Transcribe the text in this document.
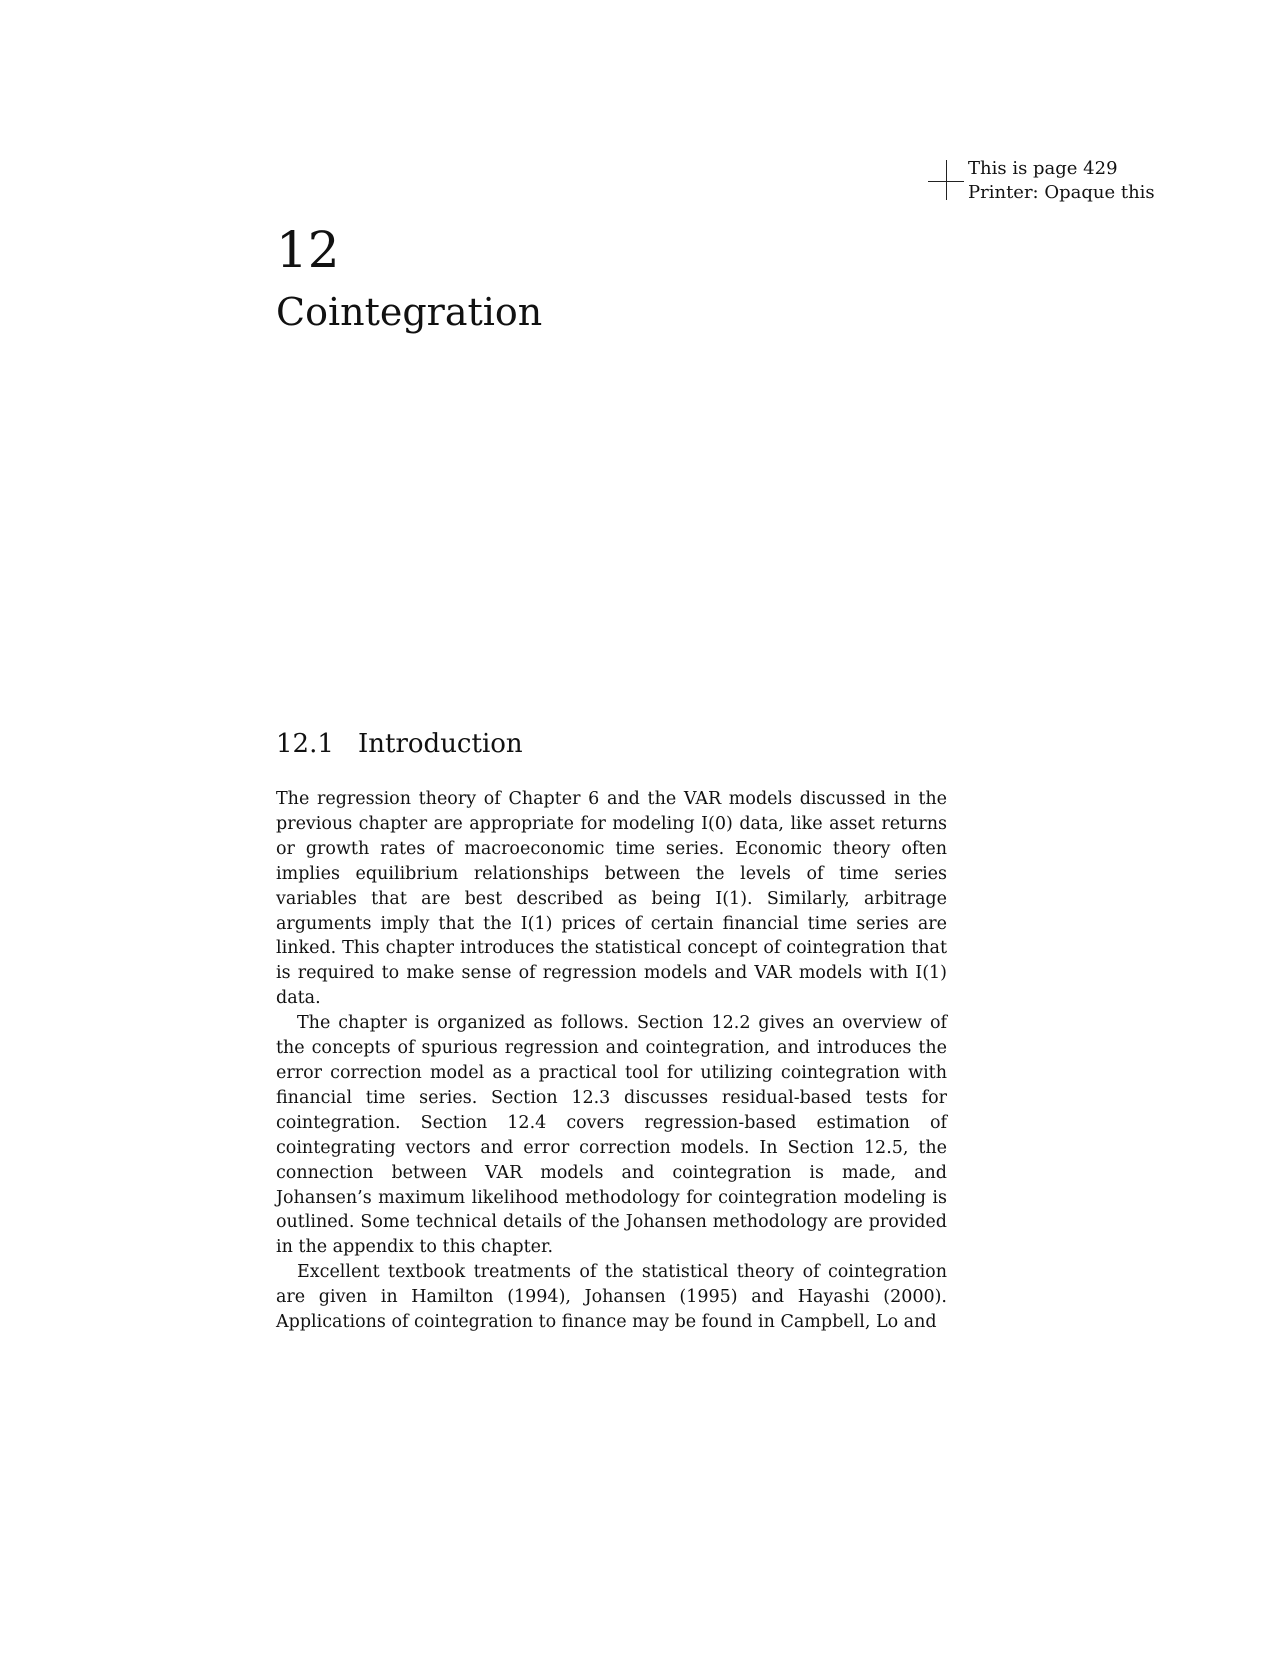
This is page 429
Printer: Opaque this
12
Cointegration
12.1 Introduction

The regression theory of Chapter 6 and the VAR models discussed in the previous chapter are appropriate for modeling I(0) data, like asset returns or growth rates of macroeconomic time series. Economic theory often implies equilibrium relationships between the levels of time series variables that are best described as being I(1). Similarly, arbitrage arguments imply that the I(1) prices of certain financial time series are linked. This chapter introduces the statistical concept of cointegration that is required to make sense of regression models and VAR models with I(1) data.

The chapter is organized as follows. Section 12.2 gives an overview of the concepts of spurious regression and cointegration, and introduces the error correction model as a practical tool for utilizing cointegration with financial time series. Section 12.3 discusses residual-based tests for cointegration. Section 12.4 covers regression-based estimation of cointegrating vectors and error correction models. In Section 12.5, the connection between VAR models and cointegration is made, and Johansen’s maximum likelihood methodology for cointegration modeling is outlined. Some technical details of the Johansen methodology are provided in the appendix to this chapter.

Excellent textbook treatments of the statistical theory of cointegration are given in Hamilton (1994), Johansen (1995) and Hayashi (2000). Applications of cointegration to finance may be found in Campbell, Lo and
